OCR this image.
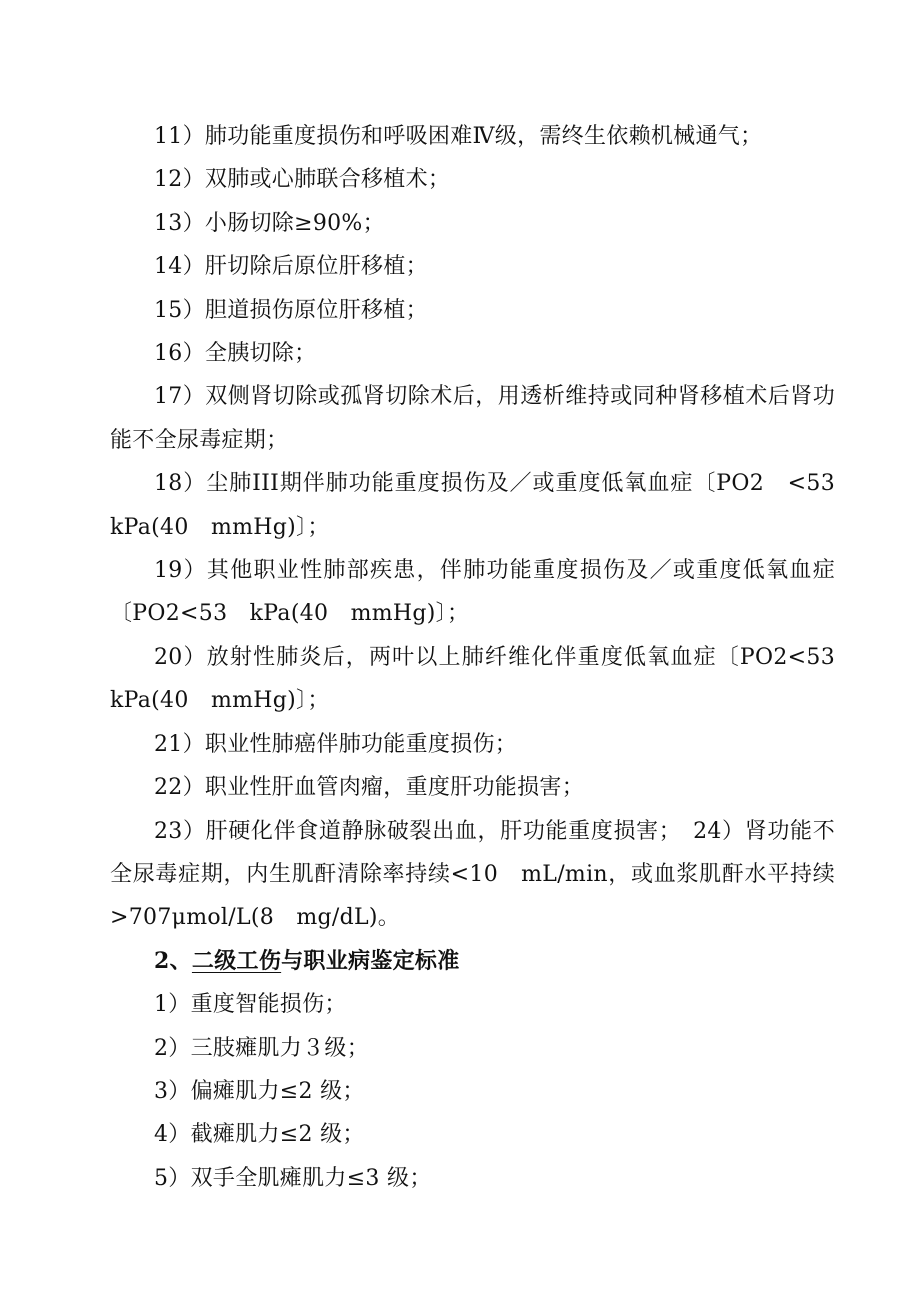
11）肺功能重度损伤和呼吸困难Ⅳ级，需终生依赖机械通气；

12）双肺或心肺联合移植术；

13）小肠切除≥90%；

14）肝切除后原位肝移植；

15）胆道损伤原位肝移植；

16）全胰切除；

17）双侧肾切除或孤肾切除术后，用透析维持或同种肾移植术后肾功能不全尿毒症期；

18）尘肺III期伴肺功能重度损伤及／或重度低氧血症〔PO2　<53　kPa(40　mmHg)〕；

19）其他职业性肺部疾患，伴肺功能重度损伤及／或重度低氧血症〔PO2<53　kPa(40　mmHg)〕；

20）放射性肺炎后，两叶以上肺纤维化伴重度低氧血症〔PO2<53　kPa(40　mmHg)〕；

21）职业性肺癌伴肺功能重度损伤；

22）职业性肝血管肉瘤，重度肝功能损害；

23）肝硬化伴食道静脉破裂出血，肝功能重度损害；　24）肾功能不全尿毒症期，内生肌酐清除率持续<10　mL/min，或血浆肌酐水平持续>707μmol/L(8　mg/dL)。

2、二级工伤与职业病鉴定标准

1）重度智能损伤；

2）三肢瘫肌力３级；

3）偏瘫肌力≤2 级；

4）截瘫肌力≤2 级；

5）双手全肌瘫肌力≤3 级；
